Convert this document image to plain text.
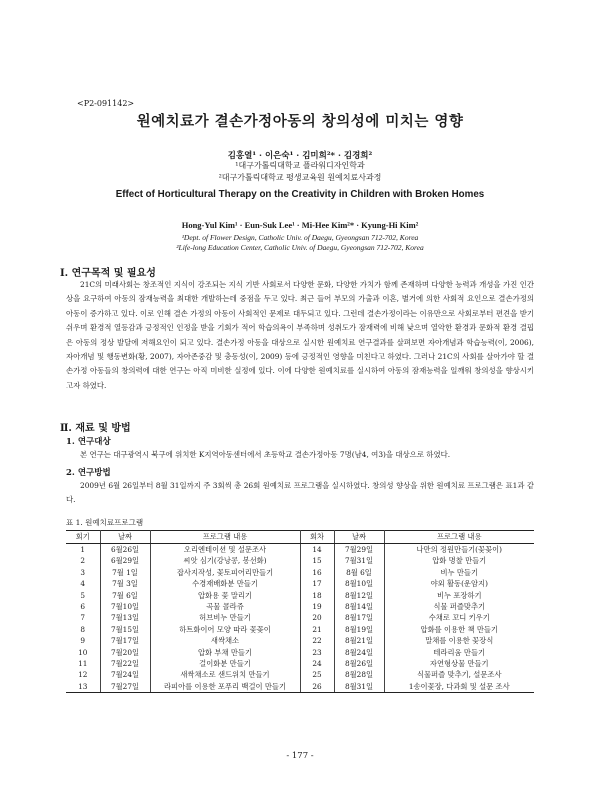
<P2-091142>
원예치료가 결손가정아동의 창의성에 미치는 영향
김홍열¹ · 이은숙¹ · 김미희²* · 김경희²
¹대구가톨릭대학교 플라워디자인학과
²대구가톨릭대학교 평생교육원 원예치료사과정
Effect of Horticultural Therapy on the Creativity in Children with Broken Homes
Hong-Yul Kim¹ · Eun-Suk Lee¹ · Mi-Hee Kim²* · Kyung-Hi Kim²
¹Dept. of Flower Design, Catholic Univ. of Daegu, Gyeongsan 712-702, Korea
²Life-long Education Center, Catholic Univ. of Daegu, Gyeongsan 712-702, Korea
Ⅰ. 연구목적 및 필요성
21C의 미래사회는 창조적인 지식이 강조되는 지식 기반 사회로서 다양한 문화, 다양한 가치가 함께 존재하며 다양한 능력과 개성을 가진 인간상을 요구하여 아동의 잠재능력을 최대한 개발하는데 중점을 두고 있다. 최근 들어 부모의 가출과 이혼, 별거에 의한 사회적 요인으로 결손가정의 아동이 증가하고 있다. 이로 인해 결손 가정의 아동이 사회적인 문제로 대두되고 있다. 그런데 결손가정이라는 이유만으로 사회로부터 편견을 받기 쉬우며 환경적 열등감과 긍정적인 인정을 받을 기회가 적어 학습의욕이 부족하며 성취도가 잠재력에 비해 낮으며 열악한 환경과 문화적 환경 결핍은 아동의 정상 발달에 저해요인이 되고 있다. 결손가정 아동을 대상으로 실시한 원예치료 연구결과를 살펴보면 자아개념과 학습능력(이, 2006), 자아개념 및 행동변화(황, 2007), 자아존중감 및 충동성(이, 2009) 등에 긍정적인 영향을 미친다고 하였다. 그러나 21C의 사회를 살아가야 할 결손가정 아동들의 창의력에 대한 연구는 아직 미비한 실정에 있다. 이에 다양한 원예치료를 실시하여 아동의 잠재능력을 일깨워 창의성을 향상시키고자 하였다.
Ⅱ. 재료 및 방법
1. 연구대상
본 연구는 대구광역시 북구에 위치한 K지역아동센터에서 초등학교 결손가정아동 7명(남4, 여3)을 대상으로 하였다.
2. 연구방법
2009년 6월 26일부터 8월 31일까지 주 3회씩 총 26회 원예치료 프로그램을 실시하였다. 창의성 향상을 위한 원예치료 프로그램은 표1과 같다.
표 1. 원예치료프로그램
회기	날짜	프로그램 내용	회차	날짜	프로그램 내용
1	6월26일	오리엔테이션 및 설문조사	14	7월29일	나만의 정원만들기(꽃꽂이)
2	6월29일	씨앗 심기(강낭콩, 봉선화)	15	7월31일	압화 명찰 만들기
3	7월 1일	잡사지작성, 꽃토피어리만들기	16	8월 6일	비누 만들기
4	7월 3일	수경재배화분 만들기	17	8월10일	야외 활동(운암지)
5	7월 6일	압화용 꽃 말리기	18	8월12일	비누 포장하기
6	7월10일	곡물 콜라쥬	19	8월14일	식물 퍼즐맞추기
7	7월13일	허브비누 만들기	20	8월17일	수채로 꼬디 키우기
8	7월15일	하트화이어 모양 따라 꽃꽂이	21	8월19일	압화를 이용한 책 만들기
9	7월17일	새싹채소	22	8월21일	말채를 이용한 꽃장식
10	7월20일	압화 부채 만들기	23	8월24일	테라리움 만들기
11	7월22일	걸이화분 만들기	24	8월26일	자연형상물 만들기
12	7월24일	새싹채소로 샌드위치 만들기	25	8월28일	식물퍼즐 맞추기, 설문조사
13	7월27일	라피아를 이용한 포푸리 백걸이 만들기	26	8월31일	1송이꽃장, 다과회 및 설문 조사
- 177 -
